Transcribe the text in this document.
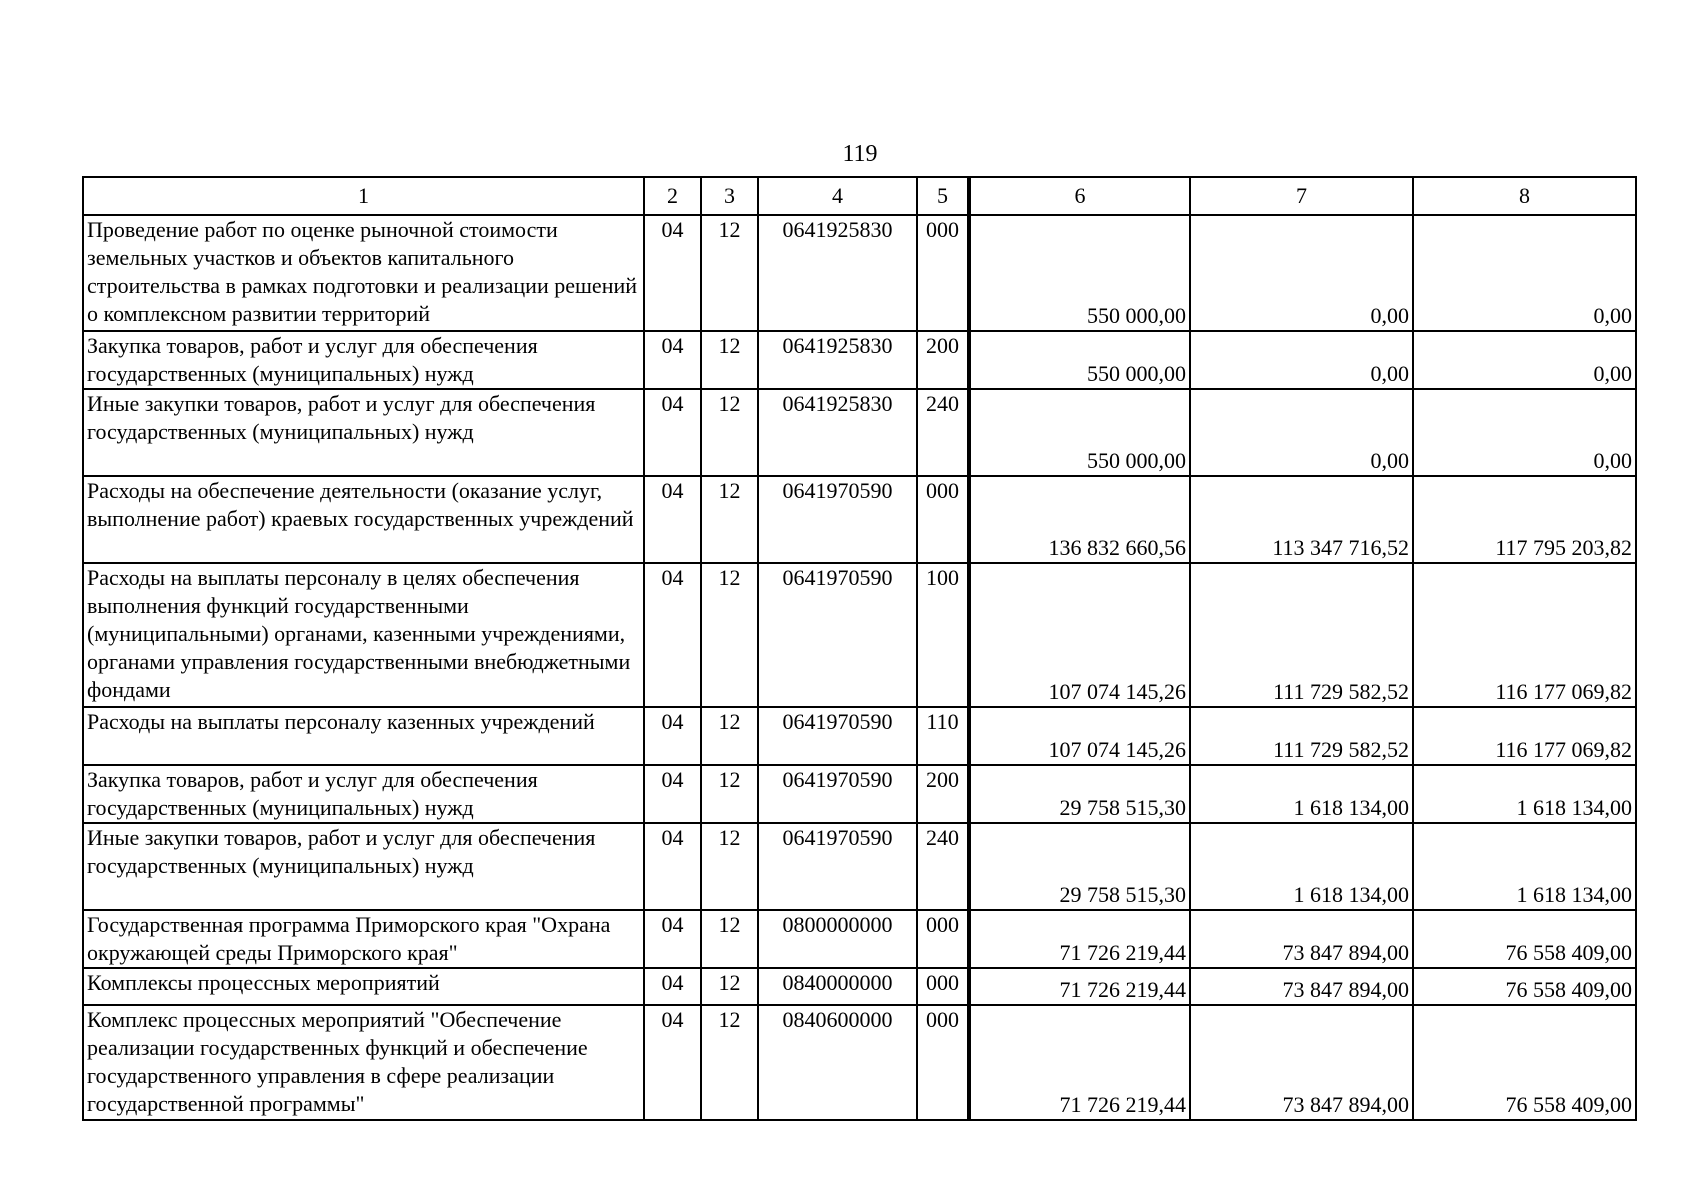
119
1	2	3	4	5	6	7	8
Проведение работ по оценке рыночной стоимости земельных участков и объектов капитального строительства в рамках подготовки и реализации решений о комплексном развитии территорий	04	12	0641925830	000	550 000,00	0,00	0,00
Закупка товаров, работ и услуг для обеспечения государственных (муниципальных) нужд	04	12	0641925830	200	550 000,00	0,00	0,00
Иные закупки товаров, работ и услуг для обеспечения государственных (муниципальных) нужд	04	12	0641925830	240	550 000,00	0,00	0,00
Расходы на обеспечение деятельности (оказание услуг, выполнение работ) краевых государственных учреждений	04	12	0641970590	000	136 832 660,56	113 347 716,52	117 795 203,82
Расходы на выплаты персоналу в целях обеспечения выполнения функций государственными (муниципальными) органами, казенными учреждениями, органами управления государственными внебюджетными фондами	04	12	0641970590	100	107 074 145,26	111 729 582,52	116 177 069,82
Расходы на выплаты персоналу казенных учреждений	04	12	0641970590	110	107 074 145,26	111 729 582,52	116 177 069,82
Закупка товаров, работ и услуг для обеспечения государственных (муниципальных) нужд	04	12	0641970590	200	29 758 515,30	1 618 134,00	1 618 134,00
Иные закупки товаров, работ и услуг для обеспечения государственных (муниципальных) нужд	04	12	0641970590	240	29 758 515,30	1 618 134,00	1 618 134,00
Государственная программа Приморского края "Охрана окружающей среды Приморского края"	04	12	0800000000	000	71 726 219,44	73 847 894,00	76 558 409,00
Комплексы процессных мероприятий	04	12	0840000000	000	71 726 219,44	73 847 894,00	76 558 409,00
Комплекс процессных мероприятий "Обеспечение реализации государственных функций и обеспечение государственного управления в сфере реализации государственной программы"	04	12	0840600000	000	71 726 219,44	73 847 894,00	76 558 409,00
